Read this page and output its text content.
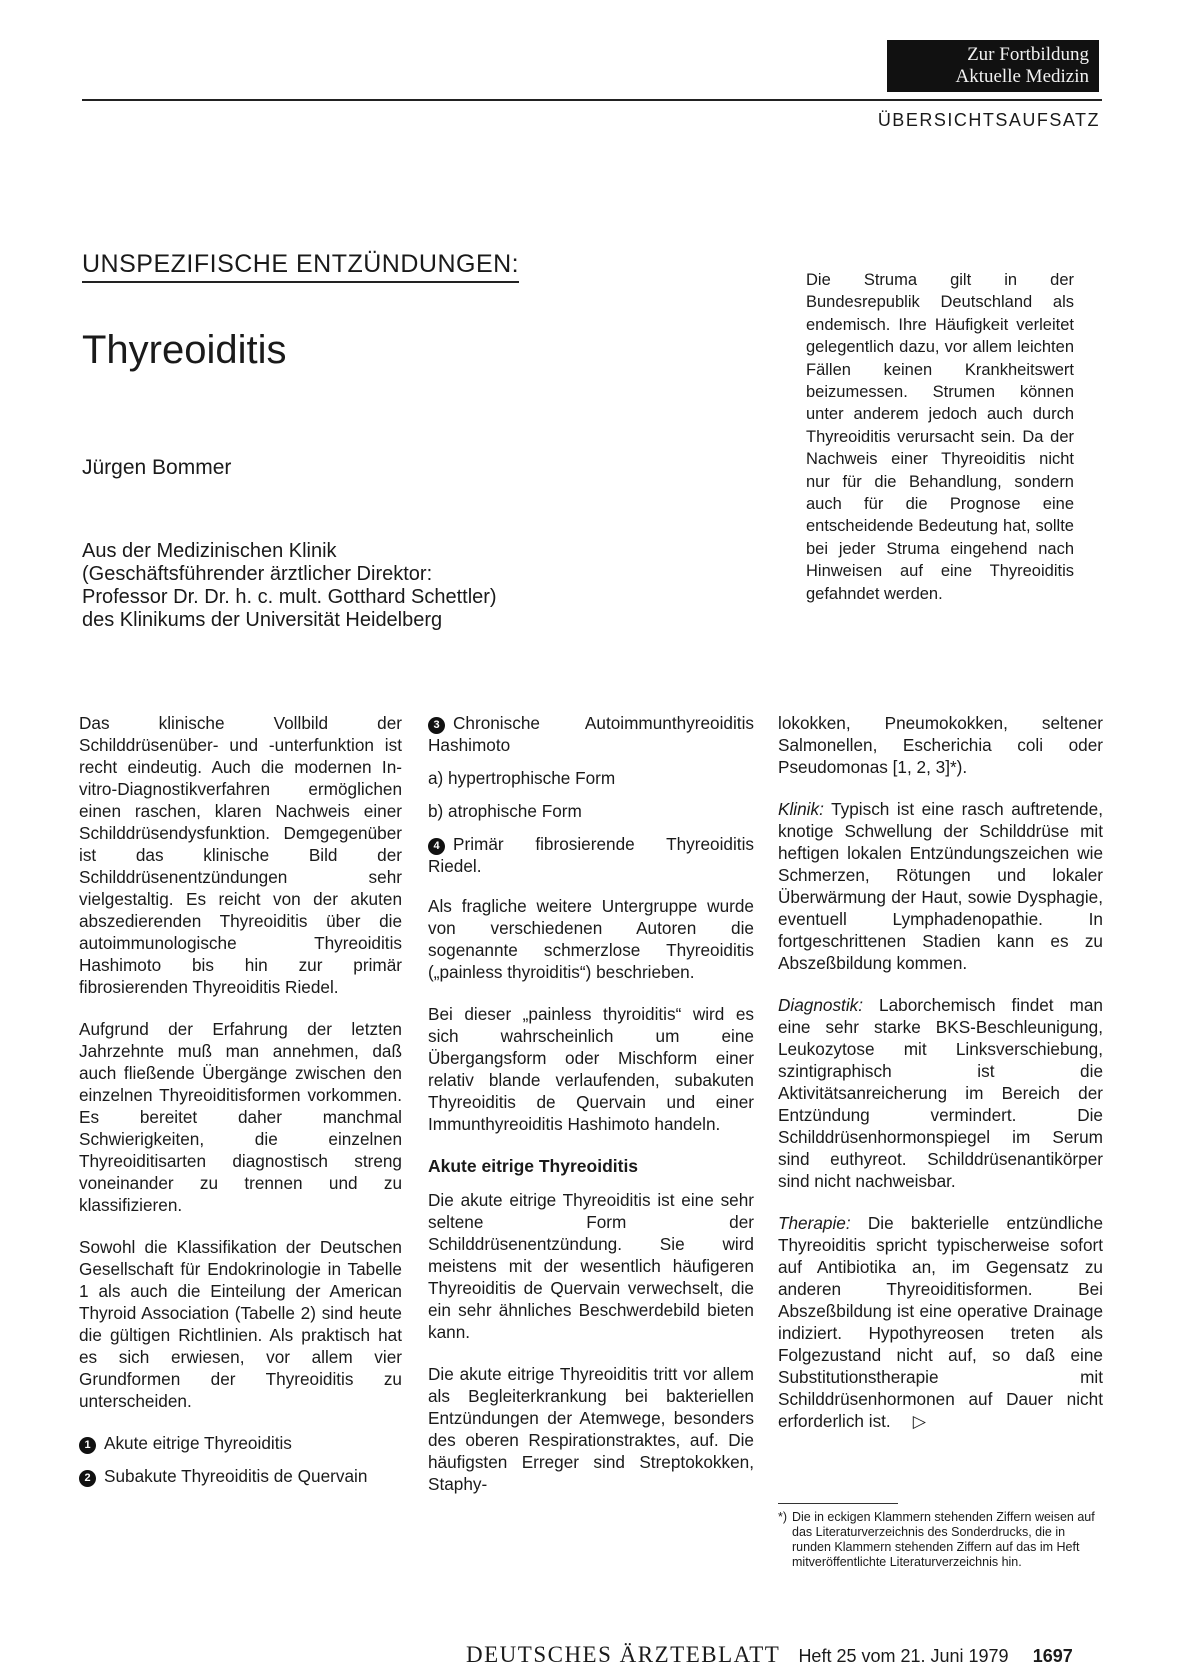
Zur Fortbildung
Aktuelle Medizin
ÜBERSICHTSAUFSATZ
UNSPEZIFISCHE ENTZÜNDUNGEN:
Thyreoiditis
Jürgen Bommer
Aus der Medizinischen Klinik
(Geschäftsführender ärztlicher Direktor:
Professor Dr. Dr. h. c. mult. Gotthard Schettler)
des Klinikums der Universität Heidelberg
Die Struma gilt in der Bundesrepublik Deutschland als endemisch. Ihre Häufigkeit verleitet gelegentlich dazu, vor allem leichten Fällen keinen Krankheitswert beizumessen. Strumen können unter anderem jedoch auch durch Thyreoiditis verursacht sein. Da der Nachweis einer Thyreoiditis nicht nur für die Behandlung, sondern auch für die Prognose eine entscheidende Bedeutung hat, sollte bei jeder Struma eingehend nach Hinweisen auf eine Thyreoiditis gefahndet werden.

Das klinische Vollbild der Schilddrüsenüber- und -unterfunktion ist recht eindeutig. Auch die modernen In-vitro-Diagnostikverfahren ermöglichen einen raschen, klaren Nachweis einer Schilddrüsendysfunktion. Demgegenüber ist das klinische Bild der Schilddrüsenentzündungen sehr vielgestaltig. Es reicht von der akuten abszedierenden Thyreoiditis über die autoimmunologische Thyreoiditis Hashimoto bis hin zur primär fibrosierenden Thyreoiditis Riedel.

Aufgrund der Erfahrung der letzten Jahrzehnte muß man annehmen, daß auch fließende Übergänge zwischen den einzelnen Thyreoiditisformen vorkommen. Es bereitet daher manchmal Schwierigkeiten, die einzelnen Thyreoiditisarten diagnostisch streng voneinander zu trennen und zu klassifizieren.

Sowohl die Klassifikation der Deutschen Gesellschaft für Endokrinologie in Tabelle 1 als auch die Einteilung der American Thyroid Association (Tabelle 2) sind heute die gültigen Richtlinien. Als praktisch hat es sich erwiesen, vor allem vier Grundformen der Thyreoiditis zu unterscheiden.

1 Akute eitrige Thyreoiditis

2 Subakute Thyreoiditis de Quervain

3 Chronische Autoimmunthyreoiditis Hashimoto

a) hypertrophische Form

b) atrophische Form

4 Primär fibrosierende Thyreoiditis Riedel.

Als fragliche weitere Untergruppe wurde von verschiedenen Autoren die sogenannte schmerzlose Thyreoiditis („painless thyroiditis“) beschrieben.

Bei dieser „painless thyroiditis“ wird es sich wahrscheinlich um eine Übergangsform oder Mischform einer relativ blande verlaufenden, subakuten Thyreoiditis de Quervain und einer Immunthyreoiditis Hashimoto handeln.

Akute eitrige Thyreoiditis

Die akute eitrige Thyreoiditis ist eine sehr seltene Form der Schilddrüsenentzündung. Sie wird meistens mit der wesentlich häufigeren Thyreoiditis de Quervain verwechselt, die ein sehr ähnliches Beschwerdebild bieten kann.

Die akute eitrige Thyreoiditis tritt vor allem als Begleiterkrankung bei bakteriellen Entzündungen der Atemwege, besonders des oberen Respirationstraktes, auf. Die häufigsten Erreger sind Streptokokken, Staphy-

lokokken, Pneumokokken, seltener Salmonellen, Escherichia coli oder Pseudomonas [1, 2, 3]*).

Klinik: Typisch ist eine rasch auftretende, knotige Schwellung der Schilddrüse mit heftigen lokalen Entzündungszeichen wie Schmerzen, Rötungen und lokaler Überwärmung der Haut, sowie Dysphagie, eventuell Lymphadenopathie. In fortgeschrittenen Stadien kann es zu Abszeßbildung kommen.

Diagnostik: Laborchemisch findet man eine sehr starke BKS-Beschleunigung, Leukozytose mit Linksverschiebung, szintigraphisch ist die Aktivitätsanreicherung im Bereich der Entzündung vermindert. Die Schilddrüsenhormonspiegel im Serum sind euthyreot. Schilddrüsenantikörper sind nicht nachweisbar.

Therapie: Die bakterielle entzündliche Thyreoiditis spricht typischerweise sofort auf Antibiotika an, im Gegensatz zu anderen Thyreoiditisformen. Bei Abszeßbildung ist eine operative Drainage indiziert. Hypothyreosen treten als Folgezustand nicht auf, so daß eine Substitutionstherapie mit Schilddrüsenhormonen auf Dauer nicht erforderlich ist. ▷

*) Die in eckigen Klammern stehenden Ziffern weisen auf das Literaturverzeichnis des Sonderdrucks, die in runden Klammern stehenden Ziffern auf das im Heft mitveröffentlichte Literaturverzeichnis hin.
DEUTSCHES ÄRZTEBLATT Heft 25 vom 21. Juni 1979 1697
